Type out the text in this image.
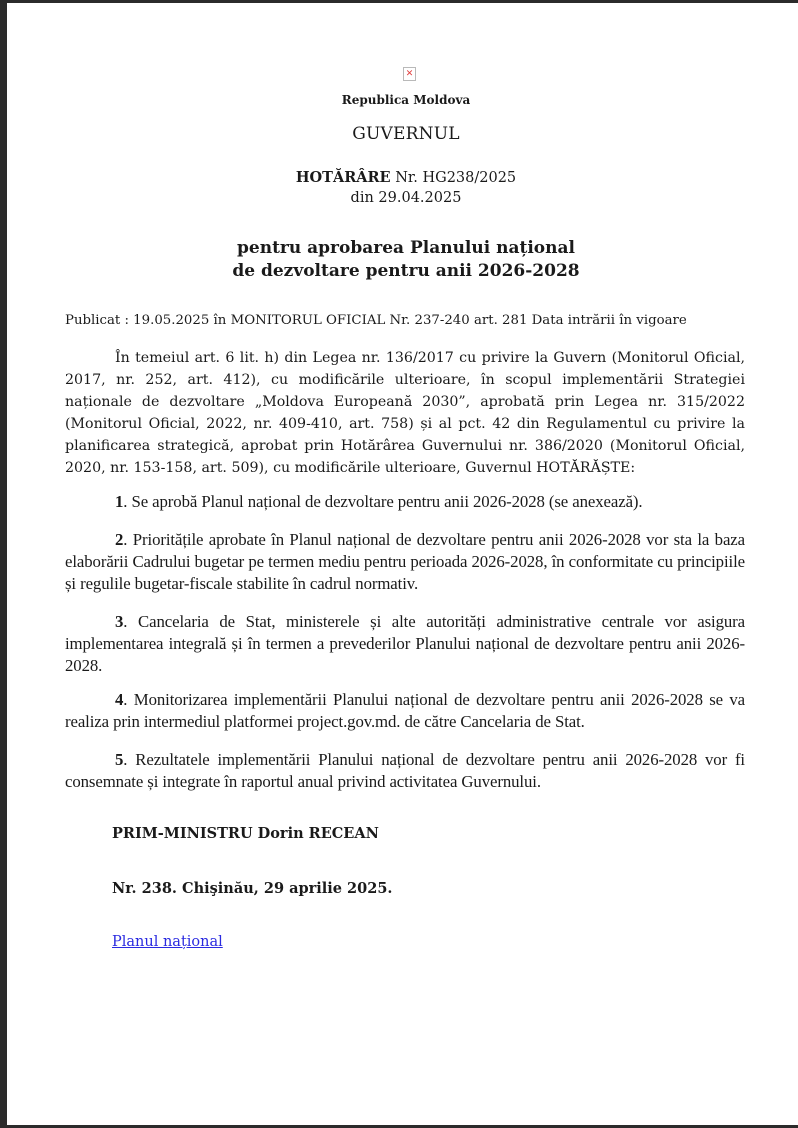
✕
Republica Moldova
GUVERNUL
HOTĂRÂRE Nr. HG238/2025
din 29.04.2025
pentru aprobarea Planului național
de dezvoltare pentru anii 2026-2028
Publicat : 19.05.2025 în MONITORUL OFICIAL Nr. 237-240 art. 281 Data intrării în vigoare
În temeiul art. 6 lit. h) din Legea nr. 136/2017 cu privire la Guvern (Monitorul Oficial, 2017, nr. 252, art. 412), cu modificările ulterioare, în scopul implementării Strategiei naționale de dezvoltare „Moldova Europeană 2030”, aprobată prin Legea nr. 315/2022 (Monitorul Oficial, 2022, nr. 409-410, art. 758) și al pct. 42 din Regulamentul cu privire la planificarea strategică, aprobat prin Hotărârea Guvernului nr. 386/2020 (Monitorul Oficial, 2020, nr. 153-158, art. 509), cu modificările ulterioare, Guvernul HOTĂRĂȘTE:
1. Se aprobă Planul național de dezvoltare pentru anii 2026-2028 (se anexează).
2. Prioritățile aprobate în Planul național de dezvoltare pentru anii 2026-2028 vor sta la baza elaborării Cadrului bugetar pe termen mediu pentru perioada 2026-2028, în conformitate cu principiile și regulile bugetar-fiscale stabilite în cadrul normativ.
3. Cancelaria de Stat, ministerele și alte autorități administrative centrale vor asigura implementarea integrală și în termen a prevederilor Planului național de dezvoltare pentru anii 2026-2028.
4. Monitorizarea implementării Planului național de dezvoltare pentru anii 2026-2028 se va realiza prin intermediul platformei project.gov.md. de către Cancelaria de Stat.
5. Rezultatele implementării Planului național de dezvoltare pentru anii 2026-2028 vor fi consemnate și integrate în raportul anual privind activitatea Guvernului.
PRIM-MINISTRU Dorin RECEAN
Nr. 238. Chişinău, 29 aprilie 2025.
Planul național
